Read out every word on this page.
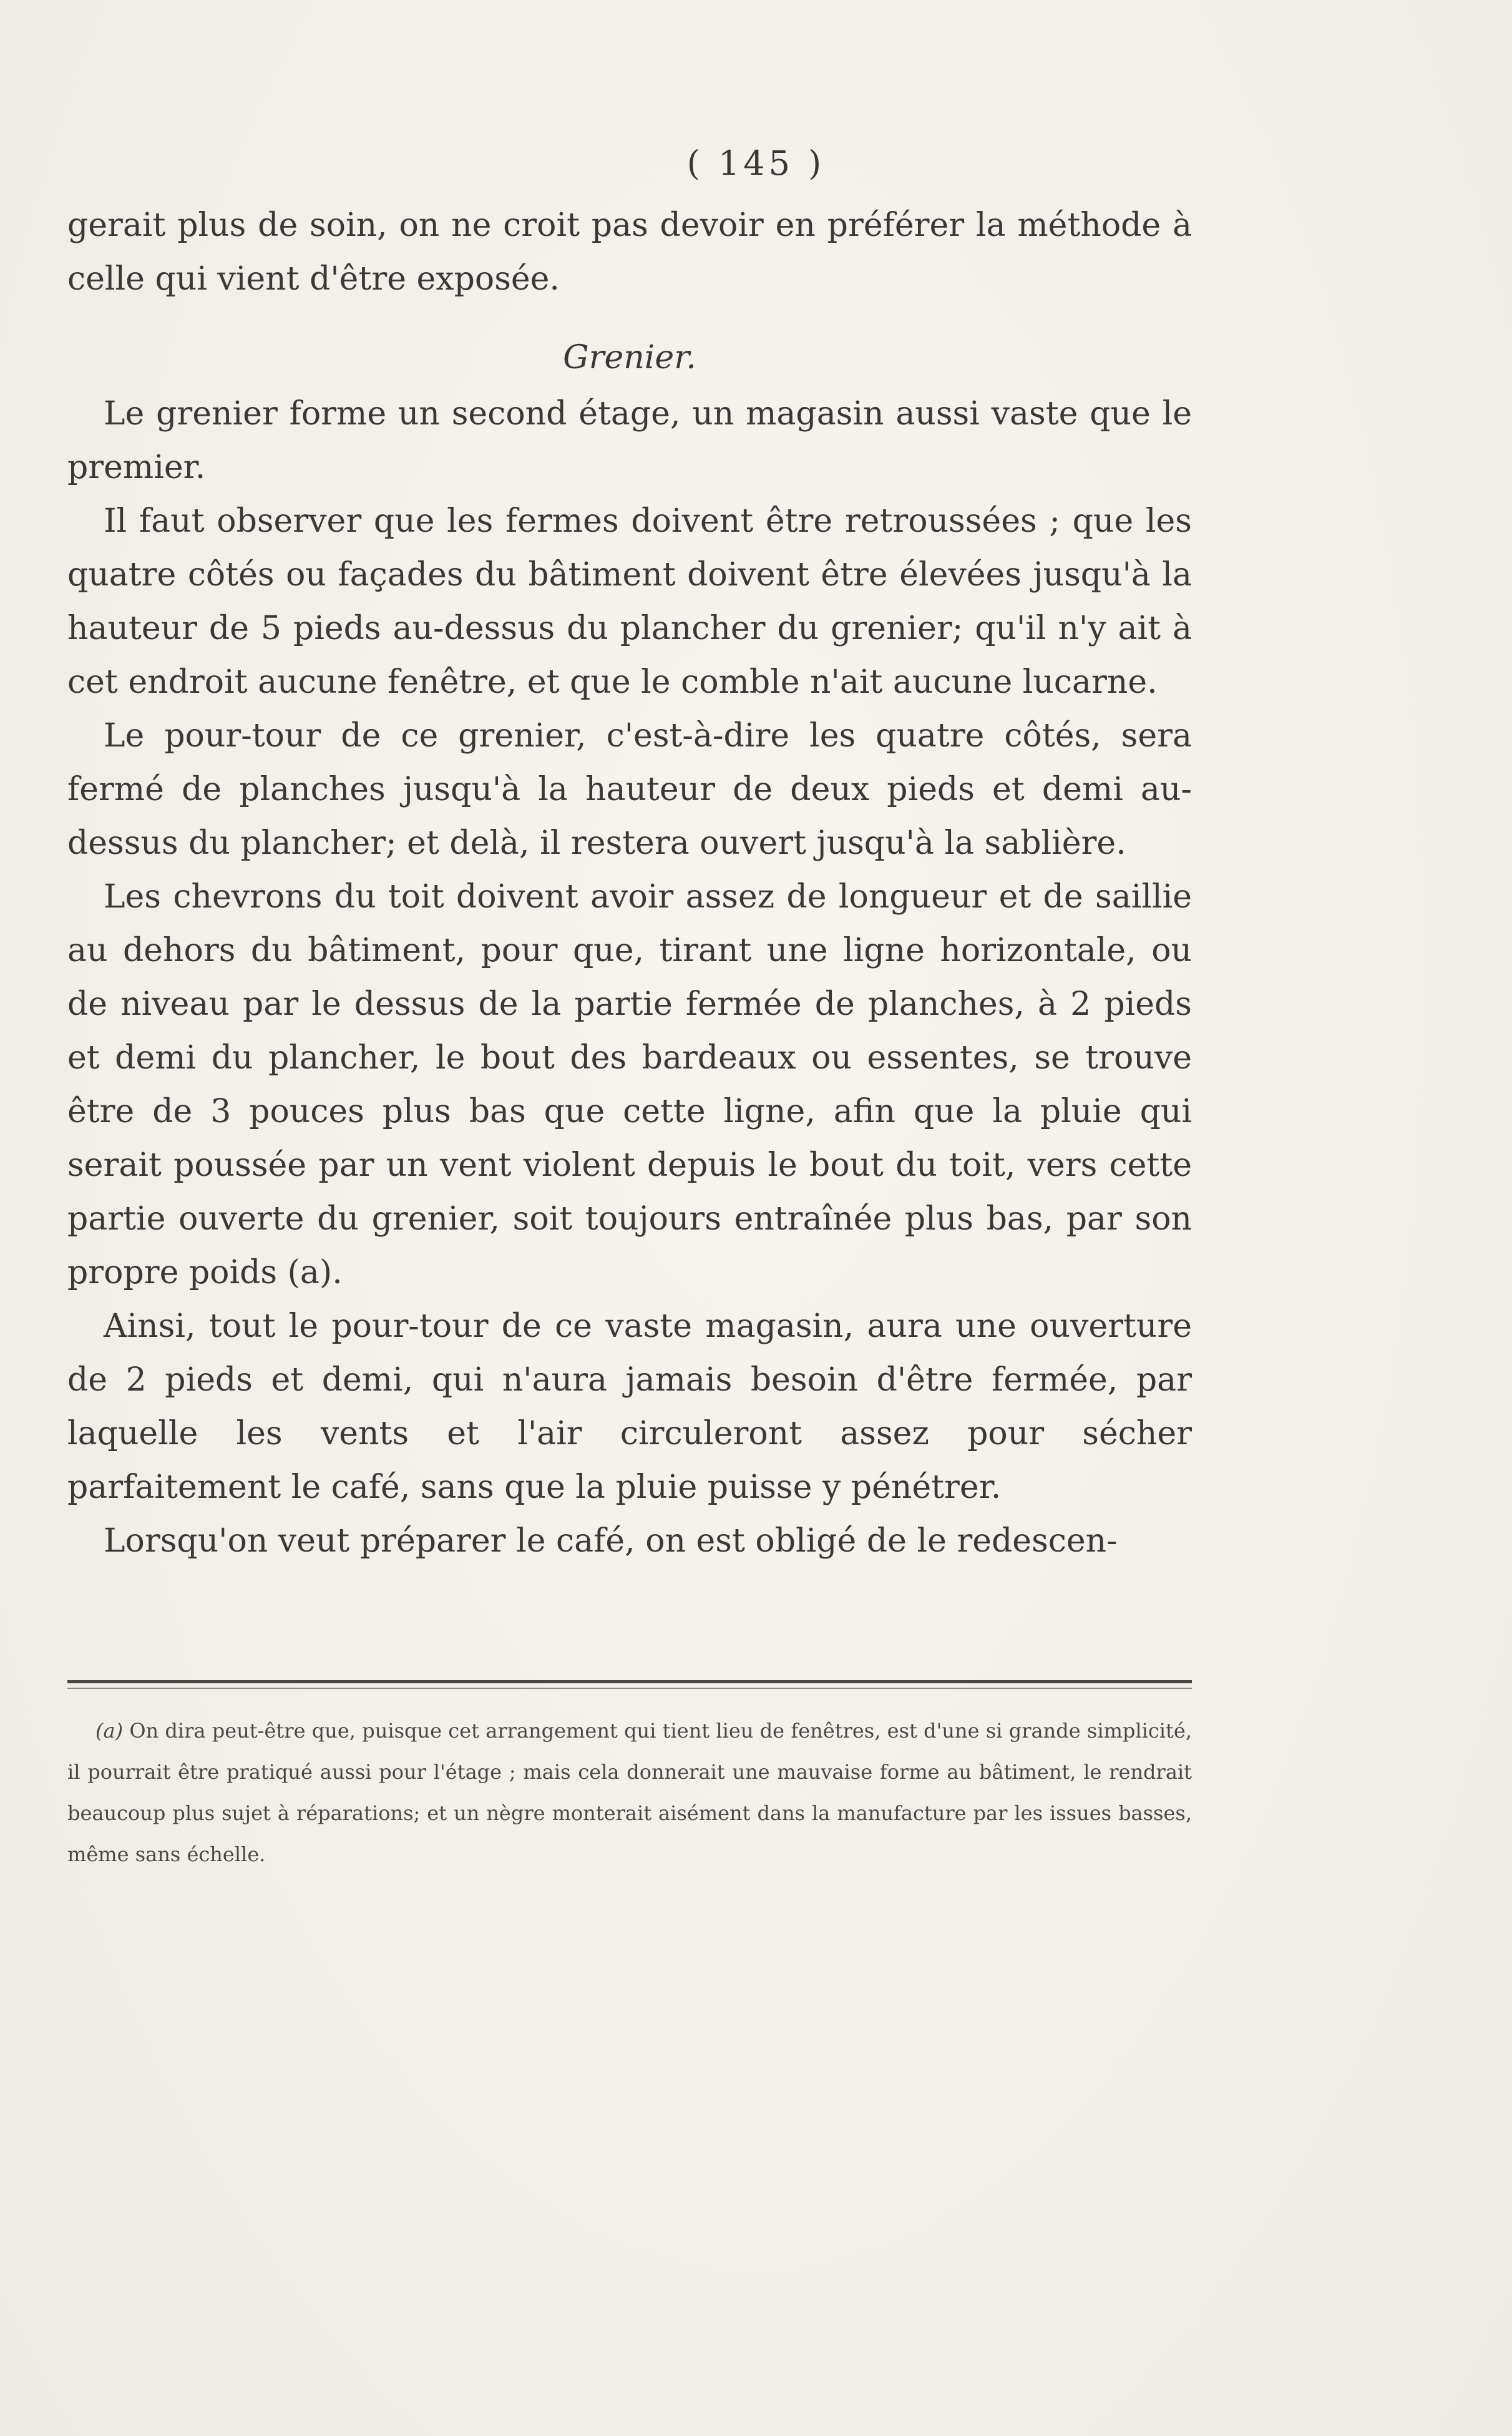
( 145 )

gerait plus de soin, on ne croit pas devoir en préférer la méthode à celle qui vient d'être exposée.

Grenier.

Le grenier forme un second étage, un magasin aussi vaste que le premier.

Il faut observer que les fermes doivent être retroussées ; que les quatre côtés ou façades du bâtiment doivent être élevées jusqu'à la hauteur de 5 pieds au-dessus du plancher du grenier; qu'il n'y ait à cet endroit aucune fenêtre, et que le comble n'ait aucune lucarne.

Le pour-tour de ce grenier, c'est-à-dire les quatre côtés, sera fermé de planches jusqu'à la hauteur de deux pieds et demi au-dessus du plancher; et delà, il restera ouvert jusqu'à la sablière.

Les chevrons du toit doivent avoir assez de longueur et de saillie au dehors du bâtiment, pour que, tirant une ligne horizontale, ou de niveau par le dessus de la partie fermée de planches, à 2 pieds et demi du plancher, le bout des bardeaux ou essentes, se trouve être de 3 pouces plus bas que cette ligne, afin que la pluie qui serait poussée par un vent violent depuis le bout du toit, vers cette partie ouverte du grenier, soit toujours entraînée plus bas, par son propre poids (a).

Ainsi, tout le pour-tour de ce vaste magasin, aura une ouverture de 2 pieds et demi, qui n'aura jamais besoin d'être fermée, par laquelle les vents et l'air circuleront assez pour sécher parfaitement le café, sans que la pluie puisse y pénétrer.

Lorsqu'on veut préparer le café, on est obligé de le redescen-

(a) On dira peut-être que, puisque cet arrangement qui tient lieu de fenêtres, est d'une si grande simplicité, il pourrait être pratiqué aussi pour l'étage ; mais cela donnerait une mauvaise forme au bâtiment, le rendrait beaucoup plus sujet à réparations; et un nègre monterait aisément dans la manufacture par les issues basses, même sans échelle.
